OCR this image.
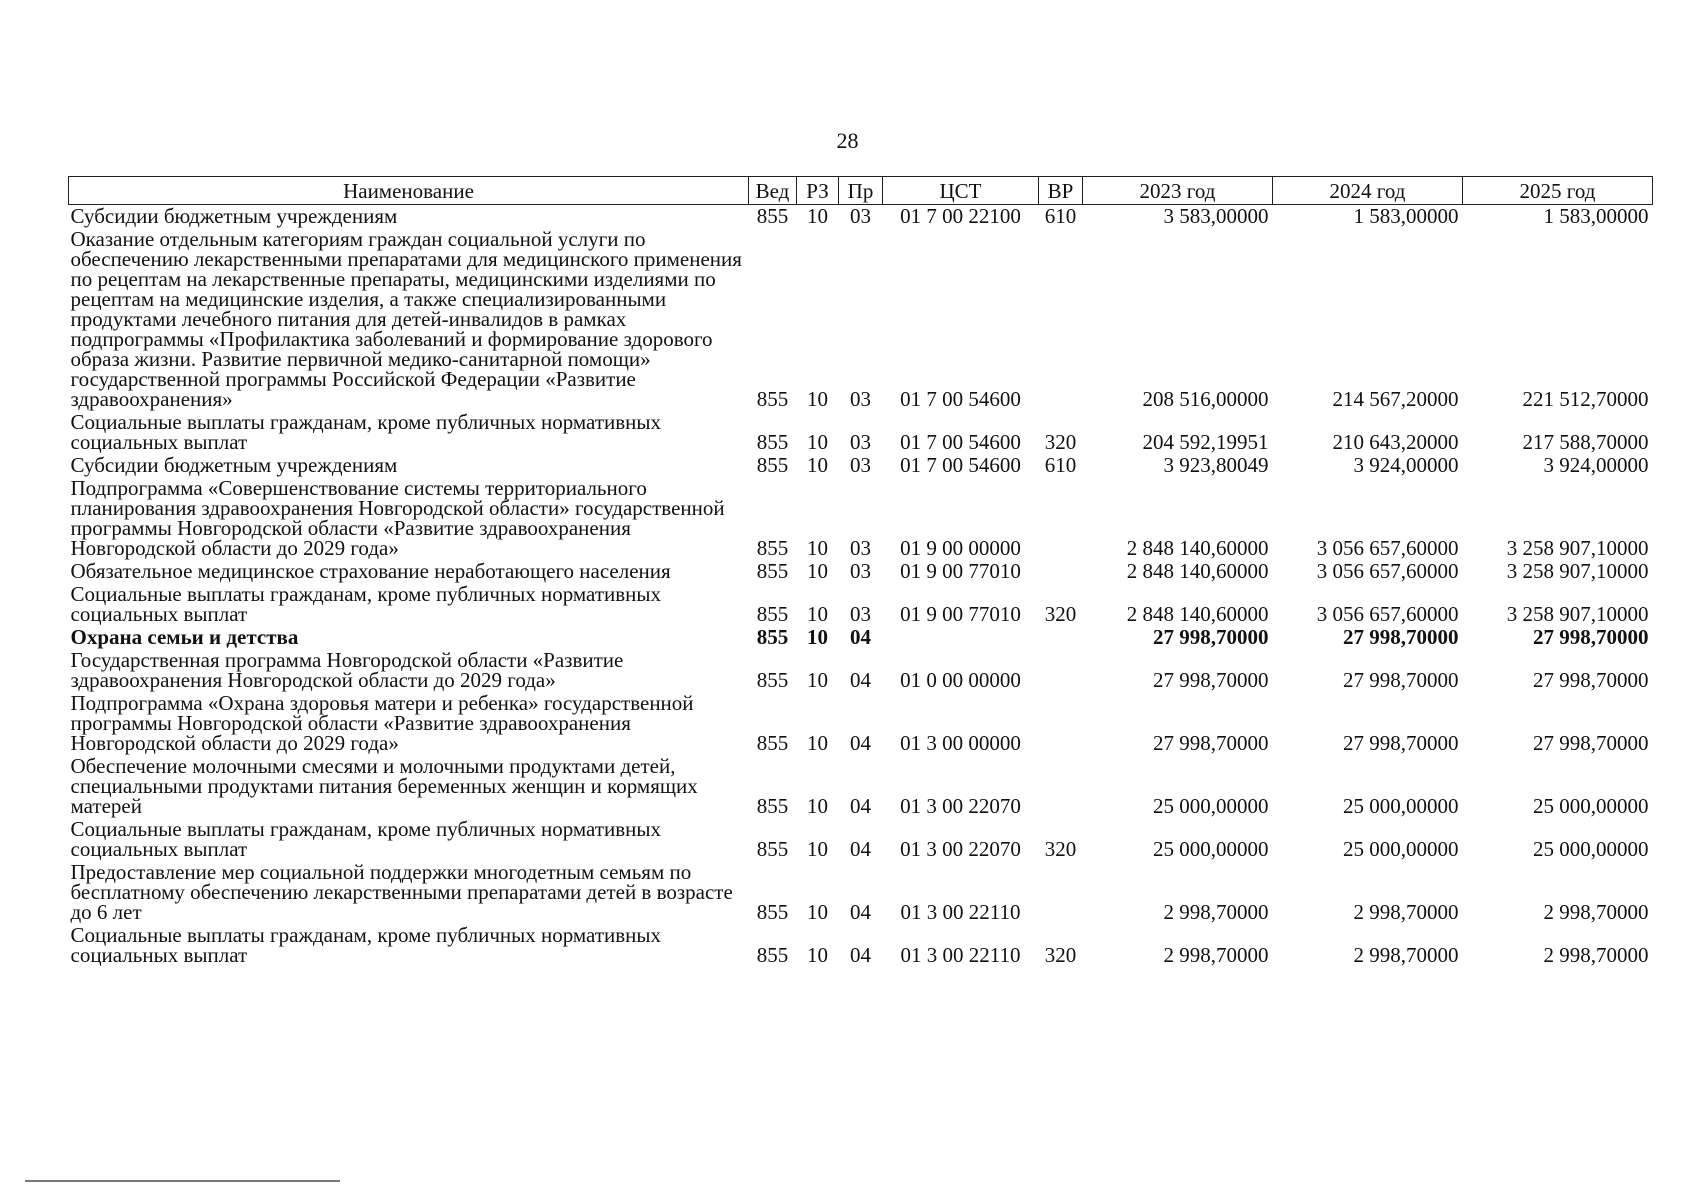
28
Наименование	Вед	РЗ	Пр	ЦСТ	ВР	2023 год	2024 год	2025 год
Субсидии бюджетным учреждениям	855	10	03	01 7 00 22100	610	3 583,00000	1 583,00000	1 583,00000
Оказание отдельным категориям граждан социальной услуги по обеспечению лекарственными препаратами для медицинского применения по рецептам на лекарственные препараты, медицинскими изделиями по рецептам на медицинские изделия, а также специализированными продуктами лечебного питания для детей-инвалидов в рамках подпрограммы «Профилактика заболеваний и формирование здорового образа жизни. Развитие первичной медико-санитарной помощи» государственной программы Российской Федерации «Развитие здравоохранения»	855	10	03	01 7 00 54600		208 516,00000	214 567,20000	221 512,70000
Социальные выплаты гражданам, кроме публичных нормативных социальных выплат	855	10	03	01 7 00 54600	320	204 592,19951	210 643,20000	217 588,70000
Субсидии бюджетным учреждениям	855	10	03	01 7 00 54600	610	3 923,80049	3 924,00000	3 924,00000
Подпрограмма «Совершенствование системы территориального планирования здравоохранения Новгородской области» государственной программы Новгородской области «Развитие здравоохранения Новгородской области до 2029 года»	855	10	03	01 9 00 00000		2 848 140,60000	3 056 657,60000	3 258 907,10000
Обязательное медицинское страхование неработающего населения	855	10	03	01 9 00 77010		2 848 140,60000	3 056 657,60000	3 258 907,10000
Социальные выплаты гражданам, кроме публичных нормативных социальных выплат	855	10	03	01 9 00 77010	320	2 848 140,60000	3 056 657,60000	3 258 907,10000
Охрана семьи и детства	855	10	04			27 998,70000	27 998,70000	27 998,70000
Государственная программа Новгородской области «Развитие здравоохранения Новгородской области до 2029 года»	855	10	04	01 0 00 00000		27 998,70000	27 998,70000	27 998,70000
Подпрограмма «Охрана здоровья матери и ребенка» государственной программы Новгородской области «Развитие здравоохранения Новгородской области до 2029 года»	855	10	04	01 3 00 00000		27 998,70000	27 998,70000	27 998,70000
Обеспечение молочными смесями и молочными продуктами детей, специальными продуктами питания беременных женщин и кормящих матерей	855	10	04	01 3 00 22070		25 000,00000	25 000,00000	25 000,00000
Социальные выплаты гражданам, кроме публичных нормативных социальных выплат	855	10	04	01 3 00 22070	320	25 000,00000	25 000,00000	25 000,00000
Предоставление мер социальной поддержки многодетным семьям по бесплатному обеспечению лекарственными препаратами детей в возрасте до 6 лет	855	10	04	01 3 00 22110		2 998,70000	2 998,70000	2 998,70000
Социальные выплаты гражданам, кроме публичных нормативных социальных выплат	855	10	04	01 3 00 22110	320	2 998,70000	2 998,70000	2 998,70000
